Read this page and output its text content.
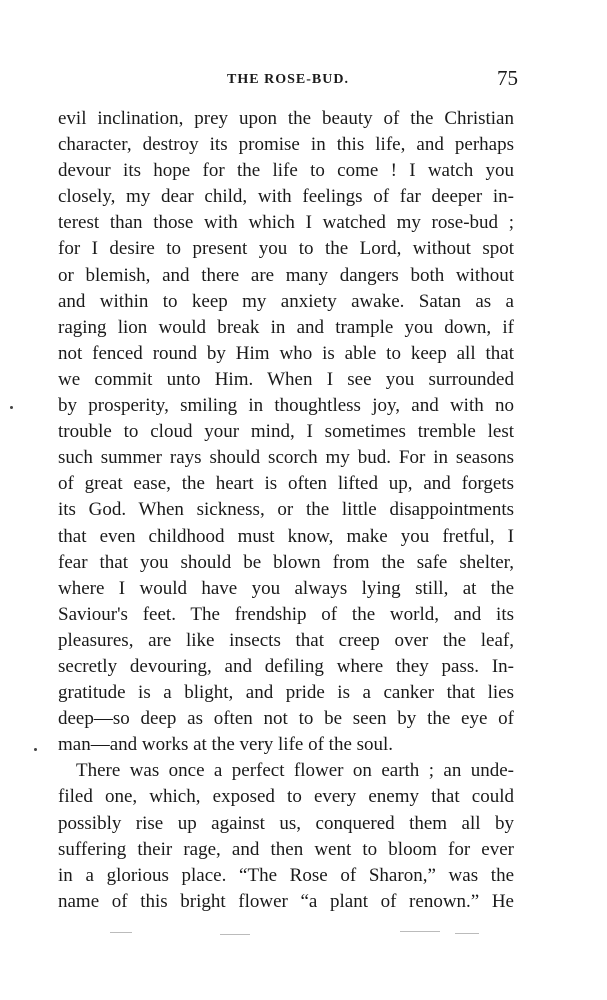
THE ROSE-BUD.	75
evil inclination, prey upon the beauty of the Christian
character, destroy its promise in this life, and perhaps
devour its hope for the life to come ! I watch you
closely, my dear child, with feelings of far deeper in-
terest than those with which I watched my rose-bud ;
for I desire to present you to the Lord, without spot
or blemish, and there are many dangers both without
and within to keep my anxiety awake. Satan as a
raging lion would break in and trample you down, if
not fenced round by Him who is able to keep all that
we commit unto Him. When I see you surrounded
by prosperity, smiling in thoughtless joy, and with no
trouble to cloud your mind, I sometimes tremble lest
such summer rays should scorch my bud. For in seasons
of great ease, the heart is often lifted up, and forgets
its God. When sickness, or the little disappointments
that even childhood must know, make you fretful, I
fear that you should be blown from the safe shelter,
where I would have you always lying still, at the
Saviour's feet. The frendship of the world, and its
pleasures, are like insects that creep over the leaf,
secretly devouring, and defiling where they pass. In-
gratitude is a blight, and pride is a canker that lies
deep—so deep as often not to be seen by the eye of
man—and works at the very life of the soul.
There was once a perfect flower on earth ; an unde-
filed one, which, exposed to every enemy that could
possibly rise up against us, conquered them all by
suffering their rage, and then went to bloom for ever
in a glorious place. “The Rose of Sharon,” was the
name of this bright flower “a plant of renown.” He
